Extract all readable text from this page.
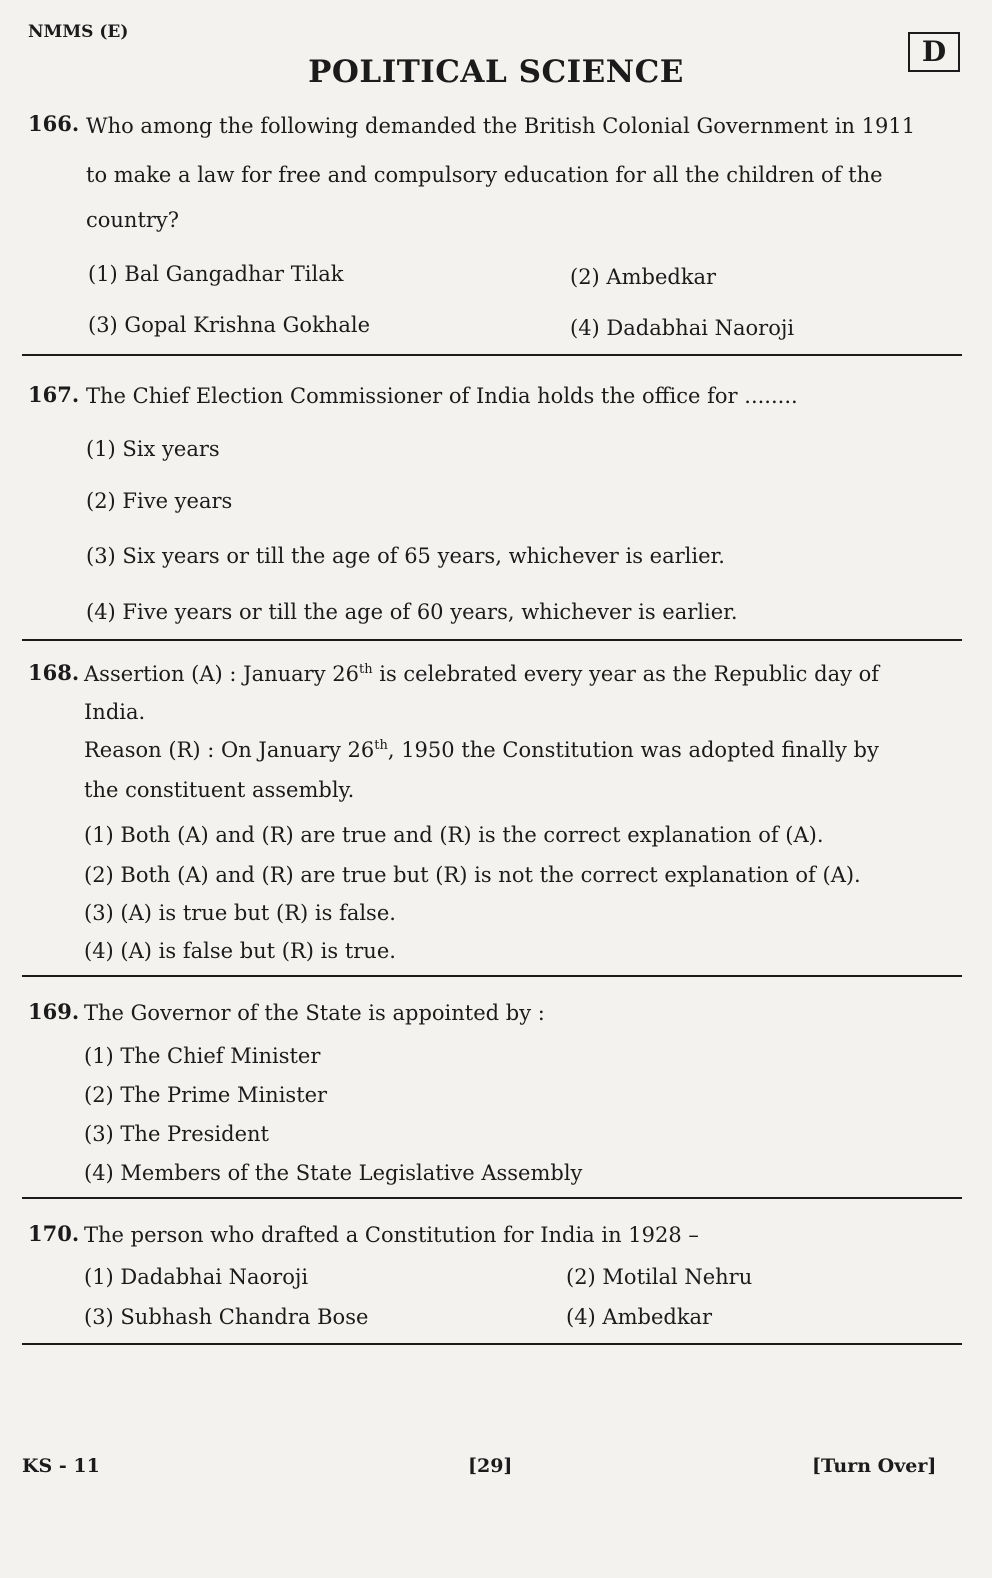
NMMS (E)
D
POLITICAL SCIENCE
166. Who among the following demanded the British Colonial Government in 1911
to make a law for free and compulsory education for all the children of the
country?
(1) Bal Gangadhar Tilak	(2) Ambedkar
(3) Gopal Krishna Gokhale	(4) Dadabhai Naoroji
167. The Chief Election Commissioner of India holds the office for ........
(1) Six years
(2) Five years
(3) Six years or till the age of 65 years, whichever is earlier.
(4) Five years or till the age of 60 years, whichever is earlier.
168. Assertion (A) : January 26th is celebrated every year as the Republic day of
India.
Reason (R) : On January 26th, 1950 the Constitution was adopted finally by
the constituent assembly.
(1) Both (A) and (R) are true and (R) is the correct explanation of (A).
(2) Both (A) and (R) are true but (R) is not the correct explanation of (A).
(3) (A) is true but (R) is false.
(4) (A) is false but (R) is true.
169. The Governor of the State is appointed by :
(1) The Chief Minister
(2) The Prime Minister
(3) The President
(4) Members of the State Legislative Assembly
170. The person who drafted a Constitution for India in 1928 –
(1) Dadabhai Naoroji	(2) Motilal Nehru
(3) Subhash Chandra Bose	(4) Ambedkar
KS - 11	[29]	[Turn Over]
